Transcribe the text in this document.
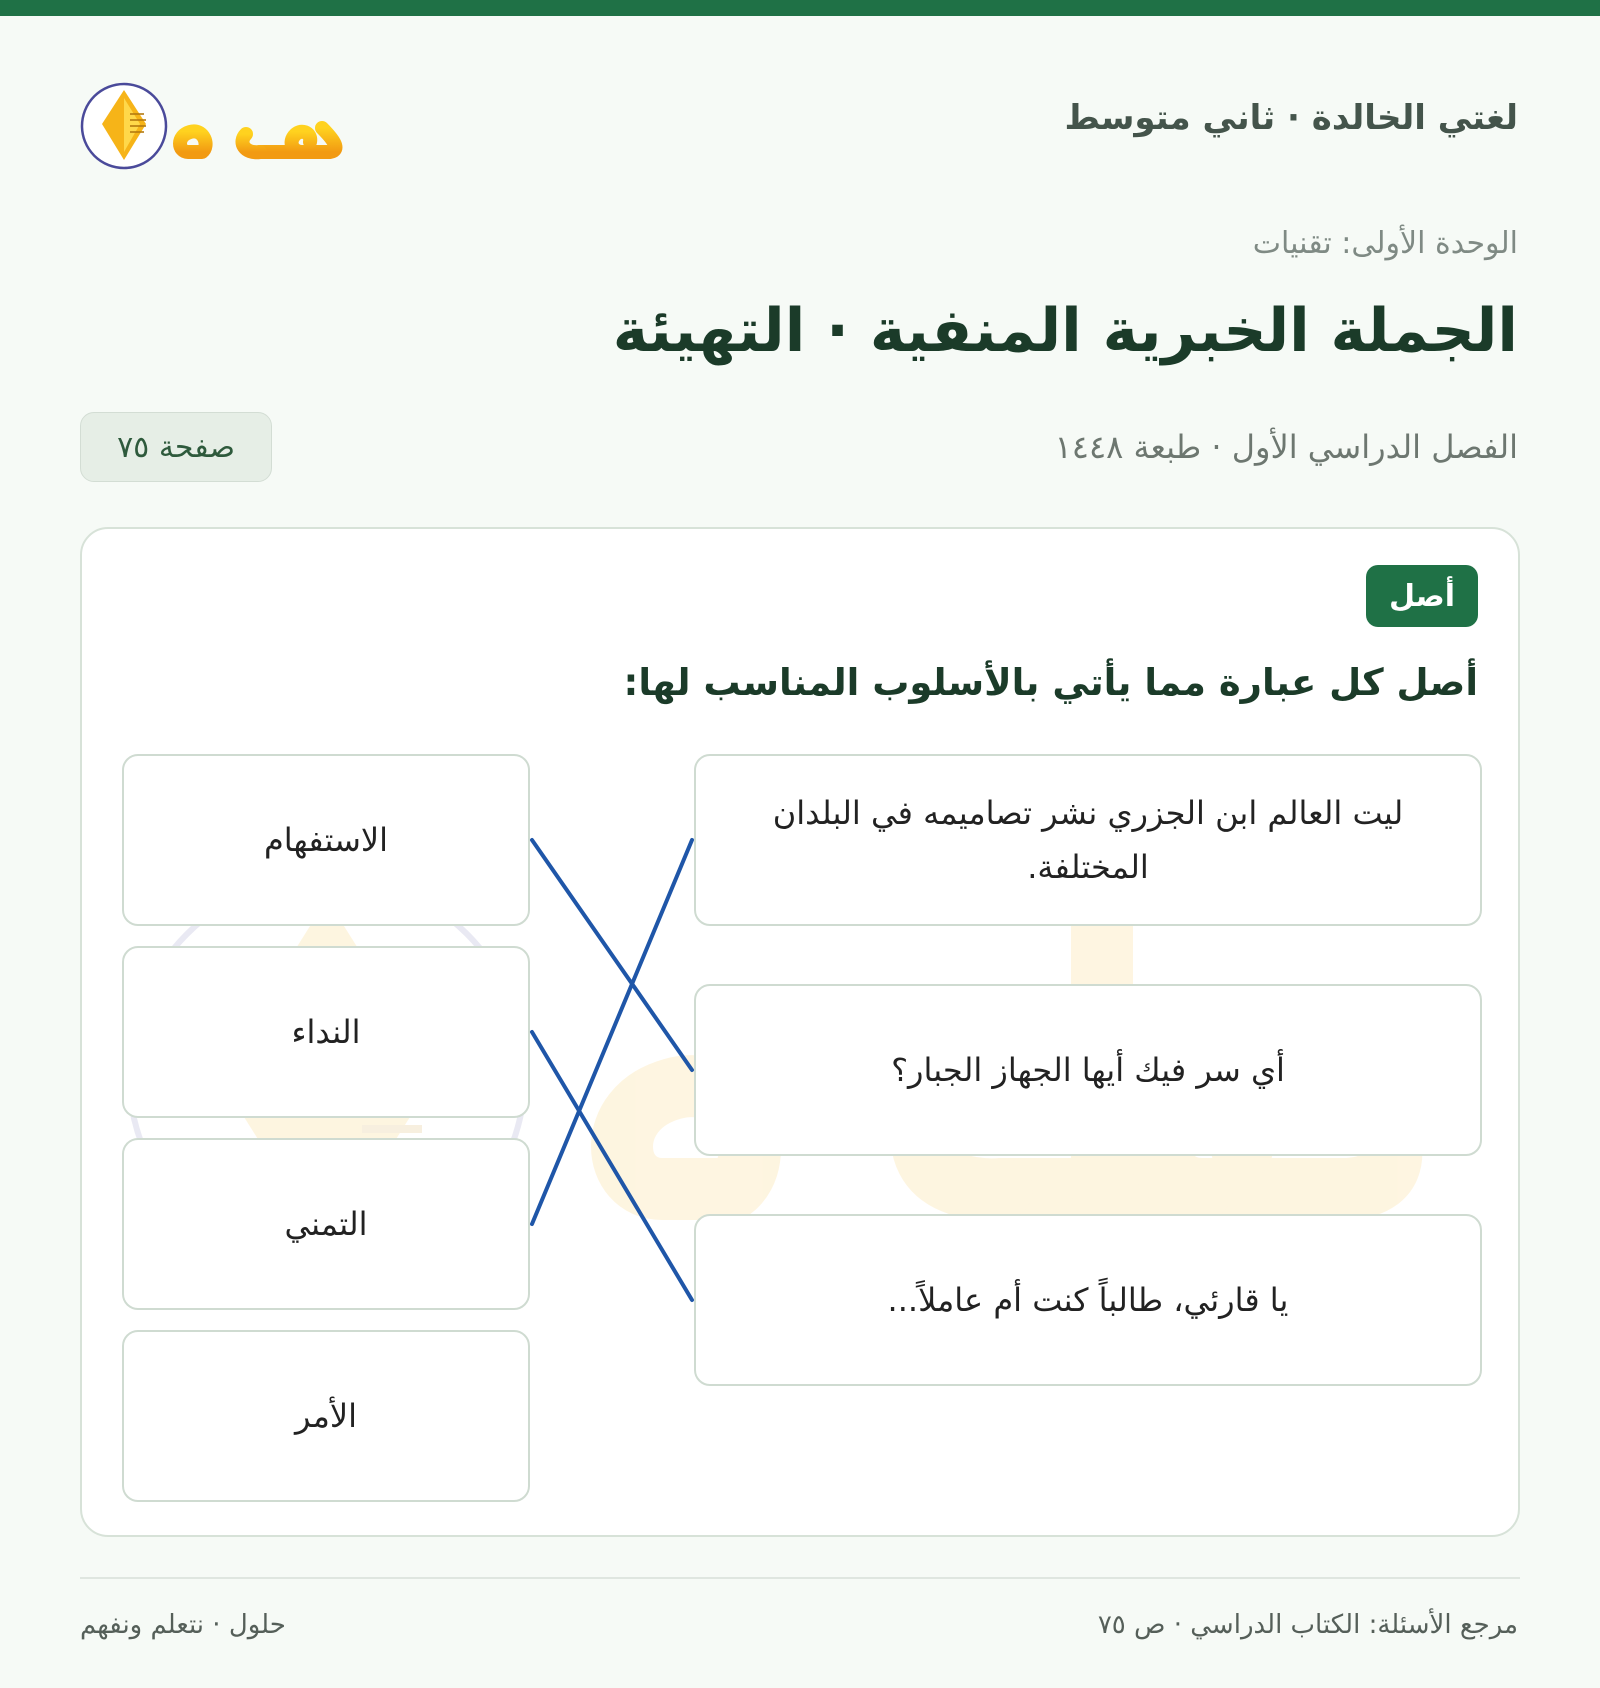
لغتي الخالدة · ثاني متوسط
حلول
الوحدة الأولى: تقنيات
الجملة الخبرية المنفية · التهيئة
الفصل الدراسي الأول · طبعة ١٤٤٨
صفحة ٧٥
أصل
أصل كل عبارة مما يأتي بالأسلوب المناسب لها:
ليت العالم ابن الجزري نشر تصاميمه في البلدان المختلفة.
أي سر فيك أيها الجهاز الجبار؟
يا قارئي، طالباً كنت أم عاملاً...
الاستفهام
النداء
التمني
الأمر
مرجع الأسئلة: الكتاب الدراسي · ص ٧٥
حلول · نتعلم ونفهم
